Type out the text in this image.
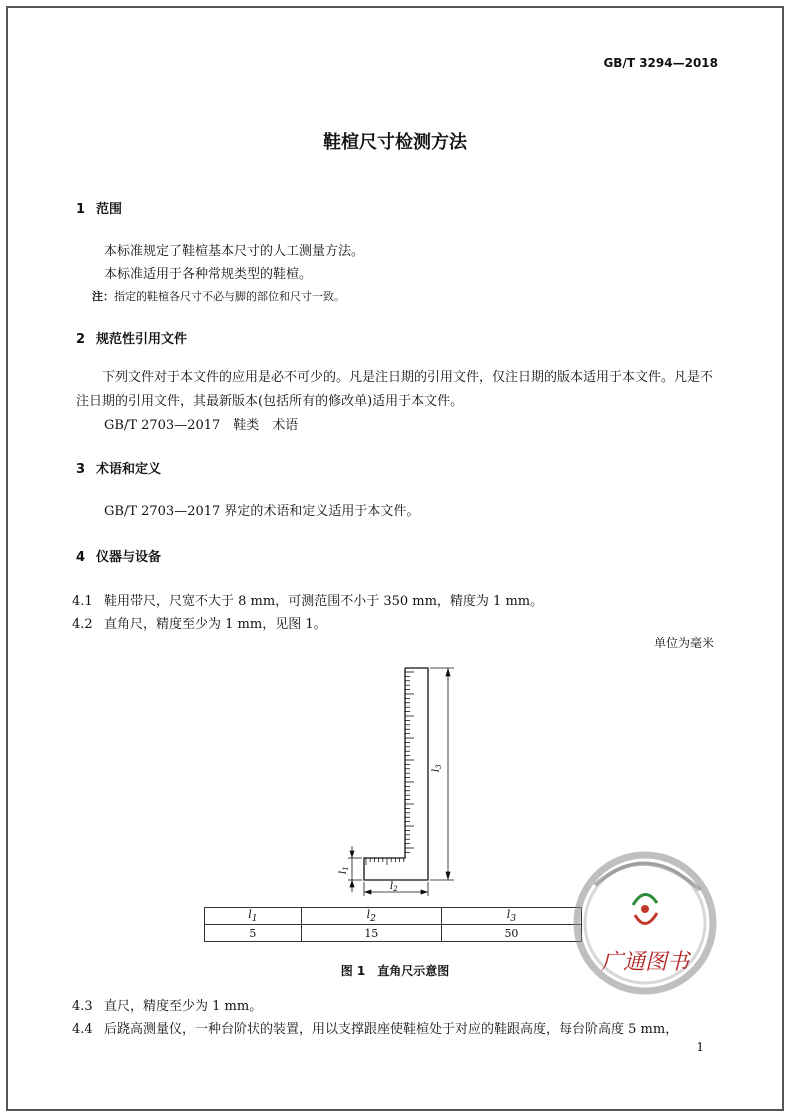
GB/T 3294—2018
鞋楦尺寸检测方法
1 范围
本标准规定了鞋楦基本尺寸的人工测量方法。
本标准适用于各种常规类型的鞋楦。
注：指定的鞋楦各尺寸不必与脚的部位和尺寸一致。
2 规范性引用文件
下列文件对于本文件的应用是必不可少的。凡是注日期的引用文件，仅注日期的版本适用于本文件。凡是不注日期的引用文件，其最新版本(包括所有的修改单)适用于本文件。
GB/T 2703—2017　鞋类　术语
3 术语和定义
GB/T 2703—2017 界定的术语和定义适用于本文件。
4 仪器与设备
4.1 鞋用带尺，尺宽不大于 8 mm，可测范围不小于 350 mm，精度为 1 mm。
4.2 直角尺，精度至少为 1 mm，见图 1。
单位为毫米
$l_3$
$l_1$
$l_2$
$l_1$	$l_2$	$l_3$
5	15	50
图 1　直角尺示意图
4.3 直尺，精度至少为 1 mm。
4.4 后跷高测量仪，一种台阶状的装置，用以支撑跟座使鞋楦处于对应的鞋跟高度，每台阶高度 5 mm，
1
广通图书
